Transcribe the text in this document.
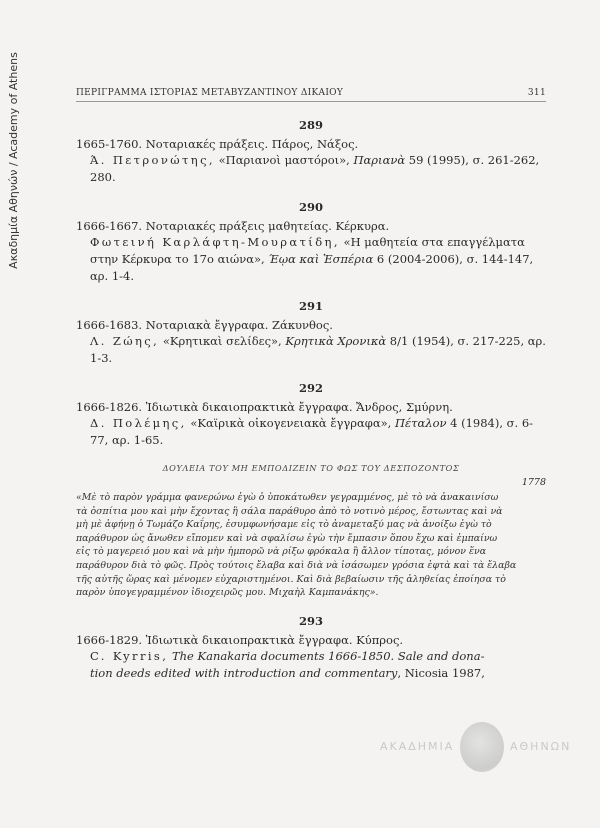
Ακαδημία Αθηνών / Academy of Athens	ΠΕΡΙΓΡΑΜΜΑ ΙΣΤΟΡΙΑΣ ΜΕΤΑΒΥΖΑΝΤΙΝΟΥ ΔΙΚΑΙΟΥ	311

289

1665-1760. Νοταριακές πράξεις. Πάρος, Νάξος.

Ά. Πετρονώτης, «Παριανοὶ μαστόροι», Παριανὰ 59 (1995), σ. 261-262, 280.

290

1666-1667. Νοταριακές πράξεις μαθητείας. Κέρκυρα.

Φωτεινή Καρλάφτη-Μουρατίδη, «Η μαθητεία στα επαγγέλματα στην Κέρκυρα το 17ο αιώνα», Έῳα καὶ Ἑσπέρια 6 (2004-2006), σ. 144-147, αρ. 1-4.

291

1666-1683. Νοταριακὰ ἔγγραφα. Ζάκυνθος.

Λ. Ζώης, «Κρητικαὶ σελίδες», Κρητικὰ Χρονικὰ 8/1 (1954), σ. 217-225, αρ. 1-3.

292

1666-1826. Ἰδιωτικὰ δικαιοπρακτικὰ ἔγγραφα. Ἄνδρος, Σμύρνη.

Δ. Πολέμης, «Καϊρικὰ οἰκογενειακὰ ἔγγραφα», Πέταλον 4 (1984), σ. 6-77, αρ. 1-65.

ΔΟΥΛΕΙΑ ΤΟΥ ΜΗ ΕΜΠΟΔΙΖΕΙΝ ΤΟ ΦΩΣ ΤΟΥ ΔΕΣΠΟΖΟΝΤΟΣ

1778

«Μὲ τὸ παρὸν γράμμα φανερώνω ἐγὼ ὁ ὑποκάτωθεν γεγραμμένος, μὲ τὸ νὰ ἀνακαινίσω

τὰ ὀσπίτια μου καὶ μὴν ἔχοντας ἢ σάλα παράθυρο ἀπὸ τὸ νοτινὸ μέρος, ἔστωντας καὶ νὰ

μὴ μὲ ἀφήνῃ ὁ Τωμάζο Καΐρης, ἐσυμφωνήσαμε εἰς τὸ ἀναμεταξύ μας νὰ ἀνοίξω ἐγὼ τὸ

παράθυρον ὡς ἄνωθεν εἴπομεν καὶ νὰ σφαλίσω ἐγὼ τὴν ἔμπασιν ὅπου ἔχω καὶ ἐμπαίνω

εἰς τὸ μαγερειό μου καὶ νὰ μὴν ἠμπορῶ νὰ ρίξω φρόκαλα ἢ ἄλλον τίποτας, μόνον ἕνα

παράθυρον διὰ τὸ φῶς. Πρὸς τούτοις ἔλαβα καὶ διὰ νὰ ἰσάσωμεν γρόσια ἑφτὰ καὶ τὰ ἔλαβα

τῆς αὐτῆς ὥρας καὶ μένομεν εὐχαριστημένοι. Καὶ διὰ βεβαίωσιν τῆς ἀληθείας ἐποίησα τὸ

παρὸν ὑπογεγραμμένον ἰδιοχειρῶς μου. Μιχαὴλ Καμπανάκης».

293

1666-1829. Ἰδιωτικὰ δικαιοπρακτικὰ ἔγγραφα. Κύπρος.

C. Kyrris, The Kanakaria documents 1666-1850. Sale and dona-
tion deeds edited with introduction and commentary, Nicosia 1987,

ΑΚΑΔΗΜΙΑ	ΑΘΗΝΩΝ
